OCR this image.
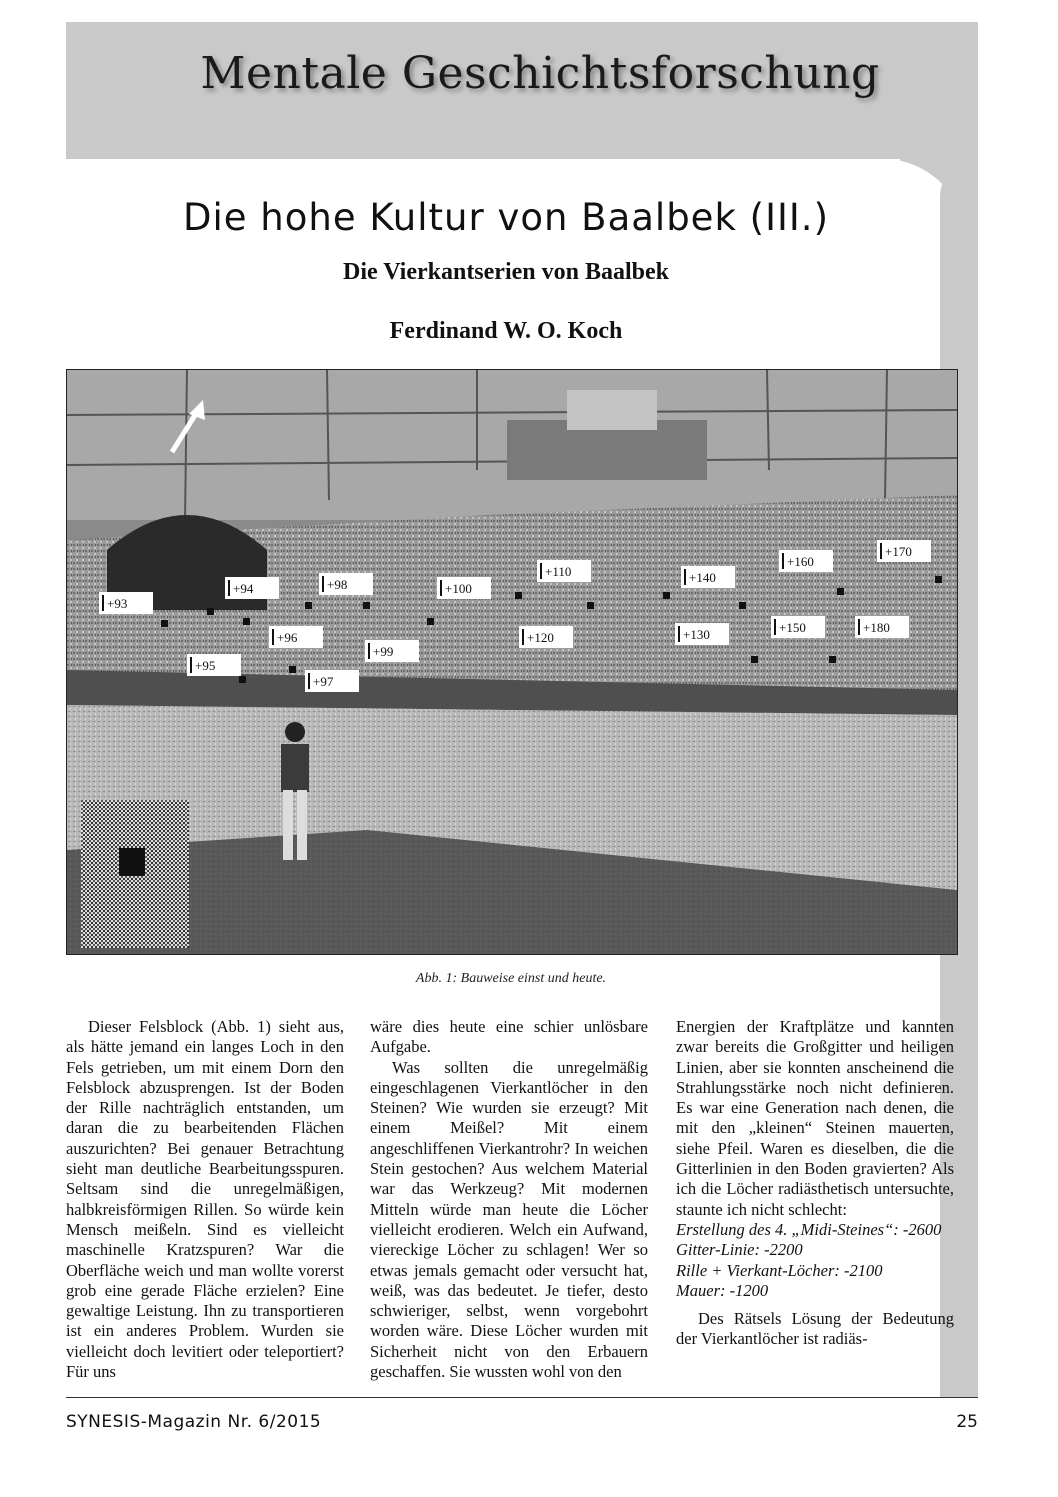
Mentale Geschichtsforschung
Die hohe Kultur von Baalbek (III.)
Die Vierkantserien von Baalbek
Ferdinand W. O. Koch
+93
+94
+95
+96
+97
+98
+99
+100
+110
+120	+130
+140
+150
+160
+170
+180
Abb. 1: Bauweise einst und heute.

Dieser Felsblock (Abb. 1) sieht aus, als hätte jemand ein langes Loch in den Fels getrieben, um mit einem Dorn den Felsblock abzusprengen. Ist der Boden der Rille nachträglich entstanden, um daran die zu bearbeitenden Flächen auszurichten? Bei genauer Betrachtung sieht man deutliche Bearbeitungsspuren. Seltsam sind die unregelmäßigen, halbkreisförmigen Rillen. So würde kein Mensch meißeln. Sind es vielleicht maschinelle Kratzspuren? War die Oberfläche weich und man wollte vorerst grob eine gerade Fläche erzielen? Eine gewaltige Leistung. Ihn zu transportieren ist ein anderes Problem. Wurden sie vielleicht doch levitiert oder teleportiert? Für uns

wäre dies heute eine schier unlösbare Aufgabe.

Was sollten die unregelmäßig eingeschlagenen Vierkantlöcher in den Steinen? Wie wurden sie erzeugt? Mit einem Meißel? Mit einem angeschliffenen Vierkantrohr? In weichen Stein gestochen? Aus welchem Material war das Werkzeug? Mit modernen Mitteln würde man heute die Löcher vielleicht erodieren. Welch ein Aufwand, viereckige Löcher zu schlagen! Wer so etwas jemals gemacht oder versucht hat, weiß, was das bedeutet. Je tiefer, desto schwieriger, selbst, wenn vorgebohrt worden wäre. Diese Löcher wurden mit Sicherheit nicht von den Erbauern geschaffen. Sie wussten wohl von den

Energien der Kraftplätze und kannten zwar bereits die Großgitter und heiligen Linien, aber sie konnten anscheinend die Strahlungsstärke noch nicht definieren. Es war eine Generation nach denen, die mit den „kleinen“ Steinen mauerten, siehe Pfeil. Waren es dieselben, die die Gitterlinien in den Boden gravierten? Als ich die Löcher radiästhetisch untersuchte, staunte ich nicht schlecht:

Erstellung des 4. „Midi-Steines“: -2600
Gitter-Linie: -2200
Rille + Vierkant-Löcher: -2100
Mauer: -1200

Des Rätsels Lösung der Bedeutung der Vierkantlöcher ist radiäs-

SYNESIS-Magazin Nr. 6/2015	25
